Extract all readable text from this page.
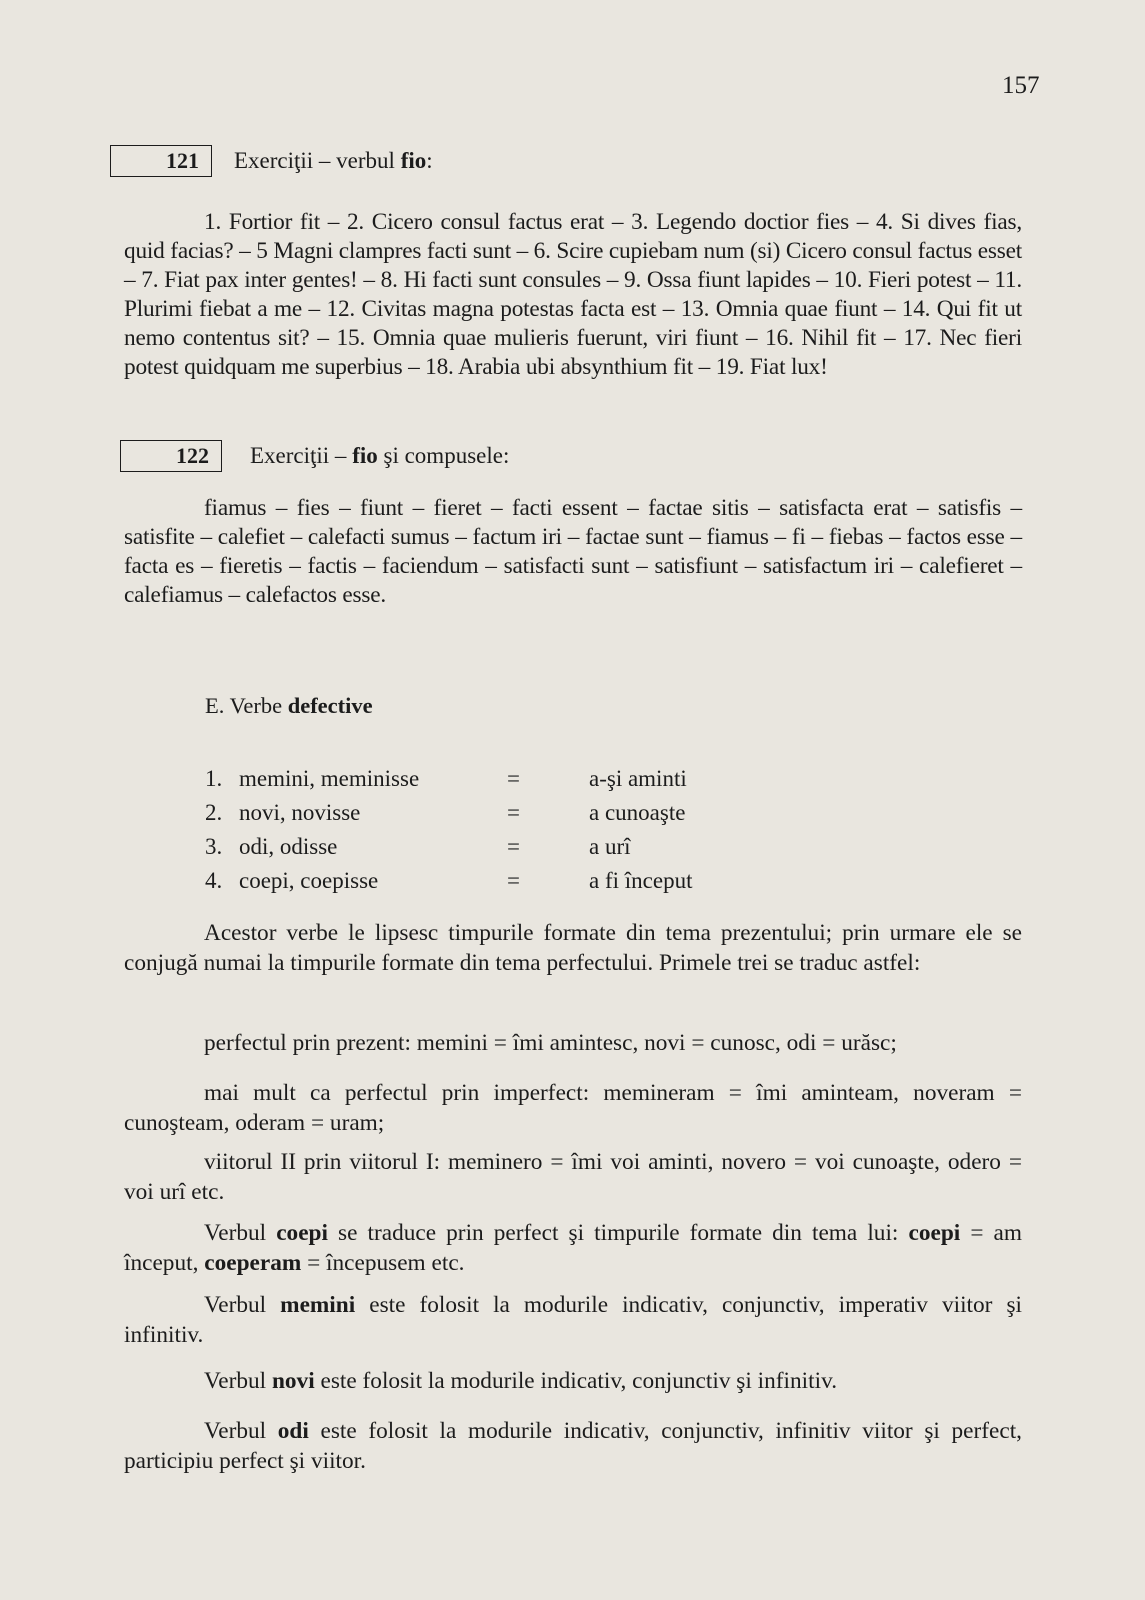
157
121	Exerciţii – verbul fio:
1. Fortior fit – 2. Cicero consul factus erat – 3. Legendo doctior fies – 4. Si dives fias, quid facias? – 5 Magni clampres facti sunt – 6. Scire cupiebam num (si) Cicero consul factus esset – 7. Fiat pax inter gentes! – 8. Hi facti sunt consules – 9. Ossa fiunt lapides – 10. Fieri potest – 11. Plurimi fiebat a me – 12. Civitas magna potestas facta est – 13. Omnia quae fiunt – 14. Qui fit ut nemo contentus sit? – 15. Omnia quae mulieris fuerunt, viri fiunt – 16. Nihil fit – 17. Nec fieri potest quidquam me superbius – 18. Arabia ubi absynthium fit – 19. Fiat lux!
122	Exerciţii – fio şi compusele:
fiamus – fies – fiunt – fieret – facti essent – factae sitis – satisfacta erat – satisfis – satisfite – calefiet – calefacti sumus – factum iri – factae sunt – fiamus – fi – fiebas – factos esse – facta es – fieretis – factis – faciendum – satisfacti sunt – satisfiunt – satisfactum iri – calefieret – calefiamus – calefactos esse.
E. Verbe defective
1. memini, meminisse	=	a-şi aminti
2. novi, novisse	=	a cunoaşte
3. odi, odisse	=	a urî
4. coepi, coepisse	=	a fi început
Acestor verbe le lipsesc timpurile formate din tema prezentului; prin urmare ele se conjugă numai la timpurile formate din tema perfectului. Primele trei se traduc astfel:
perfectul prin prezent: memini = îmi amintesc, novi = cunosc, odi = urăsc;
mai mult ca perfectul prin imperfect: memineram = îmi aminteam, noveram = cunoşteam, oderam = uram;
viitorul II prin viitorul I: meminero = îmi voi aminti, novero = voi cunoaşte, odero = voi urî etc.
Verbul coepi se traduce prin perfect şi timpurile formate din tema lui: coepi = am început, coeperam = începusem etc.
Verbul memini este folosit la modurile indicativ, conjunctiv, imperativ viitor şi infinitiv.
Verbul novi este folosit la modurile indicativ, conjunctiv şi infinitiv.
Verbul odi este folosit la modurile indicativ, conjunctiv, infinitiv viitor şi perfect, participiu perfect şi viitor.
